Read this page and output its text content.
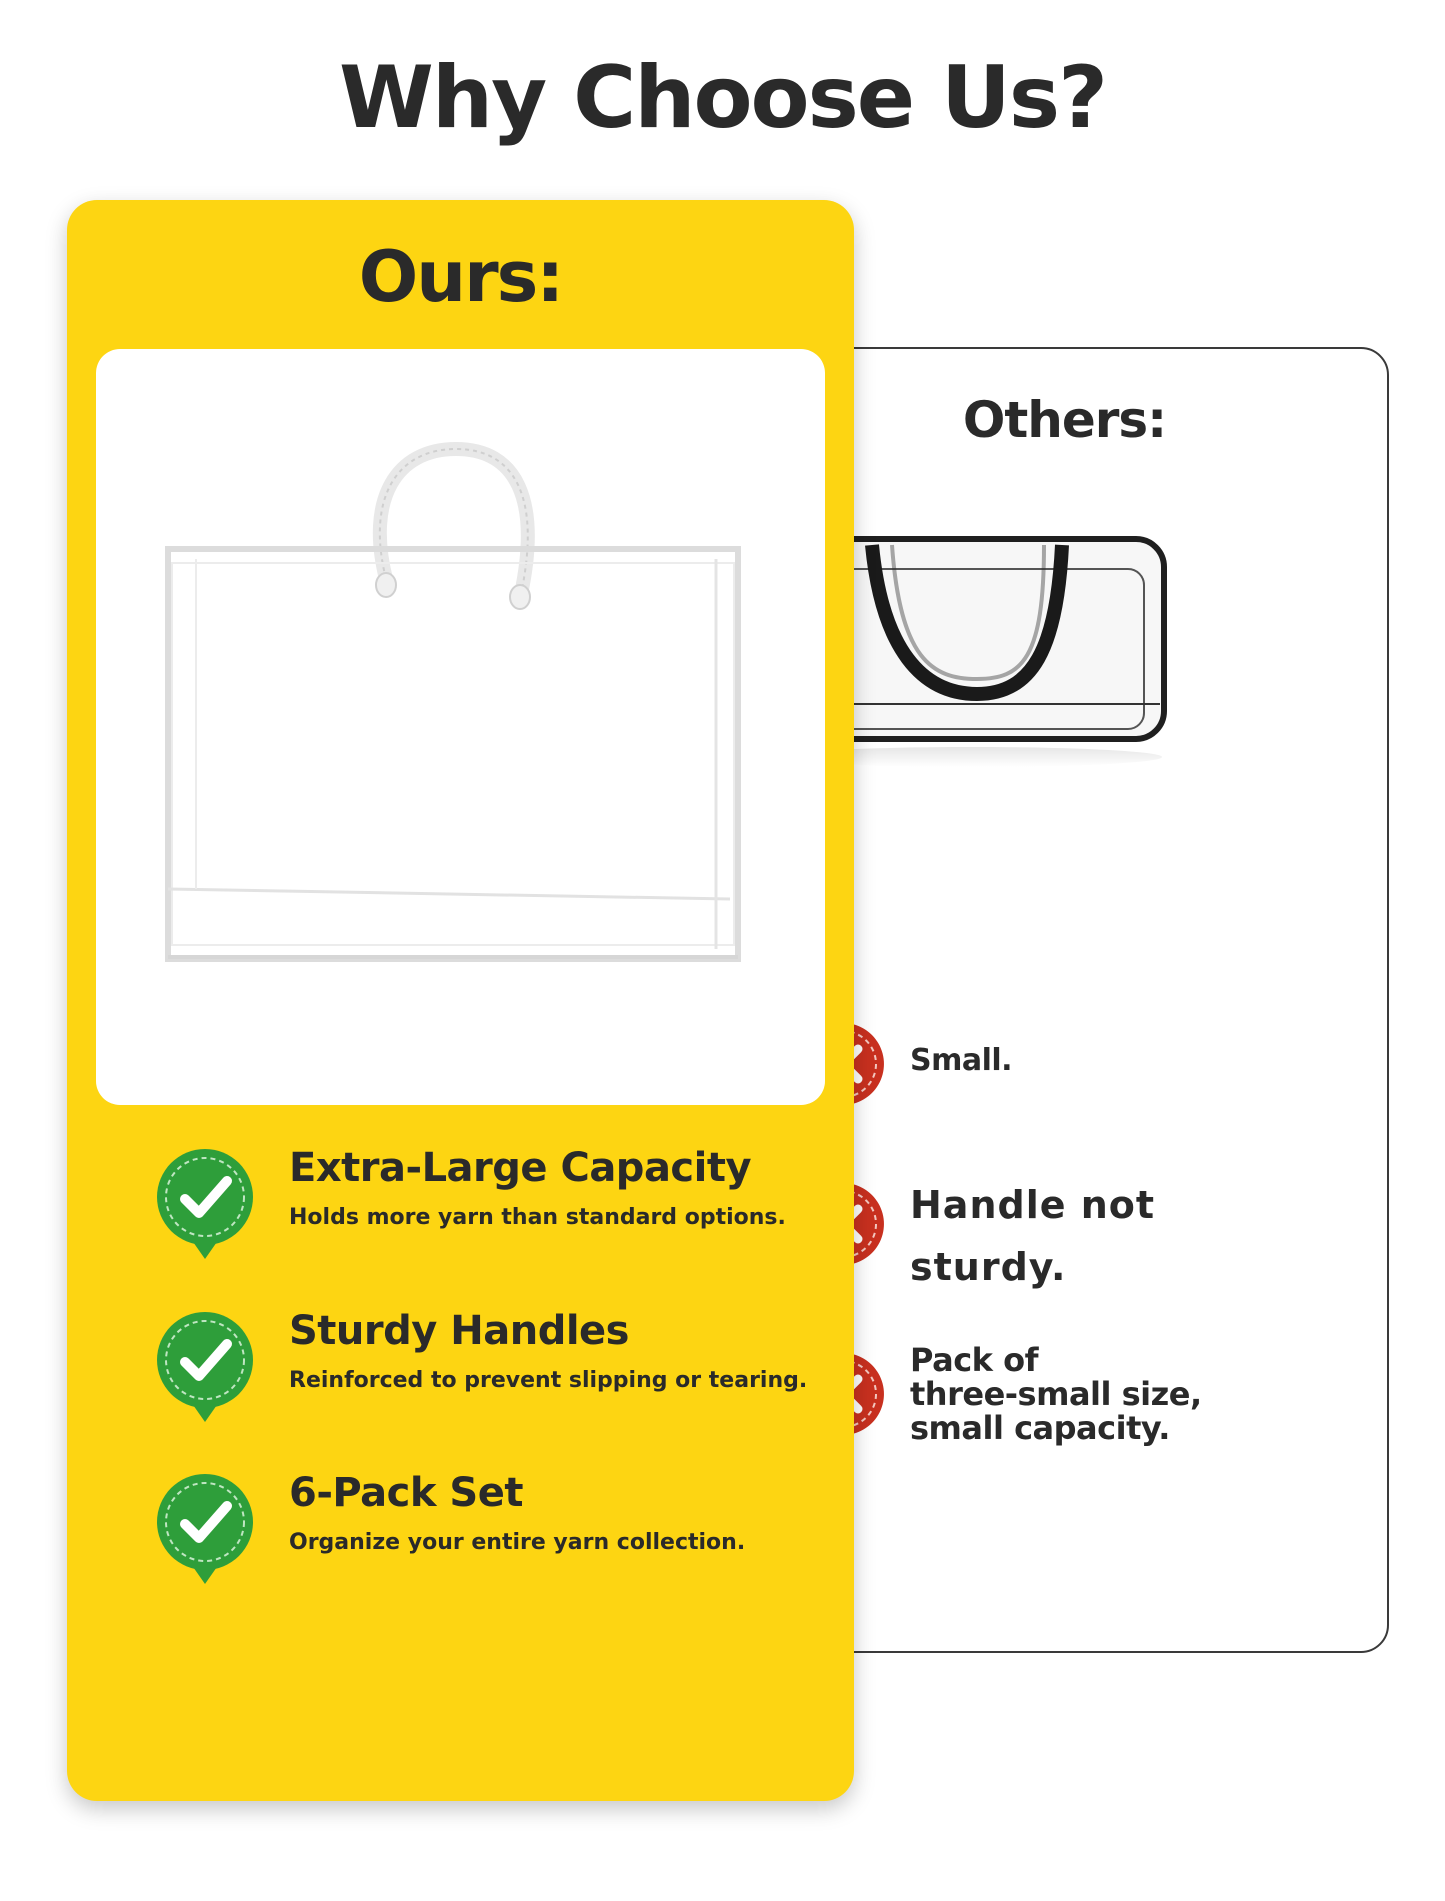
Why Choose Us?
Others:
Small.
Handle not
sturdy.
Pack of
three-small size,
small capacity.
Ours:
Extra-Large Capacity
Holds more yarn than standard options.
Sturdy Handles
Reinforced to prevent slipping or tearing.
6-Pack Set
Organize your entire yarn collection.
